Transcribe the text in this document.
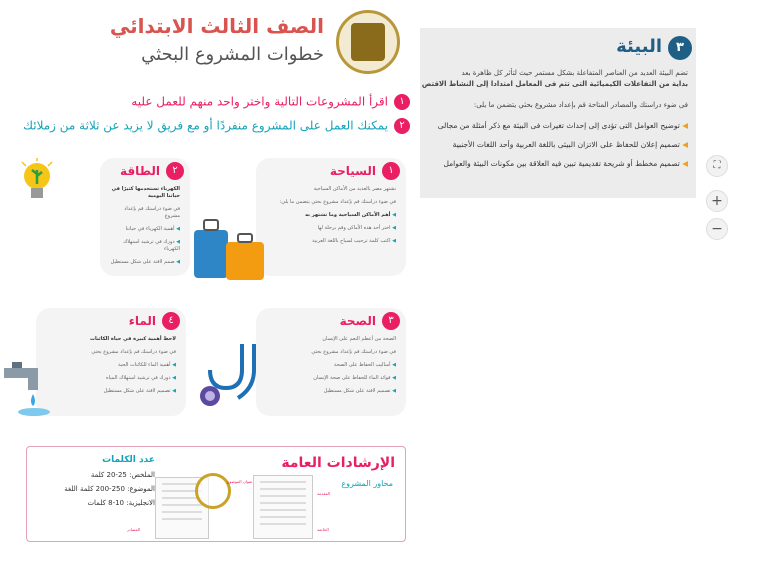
الصف الثالث الابتدائي
خطوات المشروع البحثي
١اقرأ المشروعات التالية واختر واحد منهم للعمل عليه
٢يمكنك العمل على المشروع منفردًا أو مع فريق لا يزيد عن ثلاثة من زملائك
١
السياحة
تشتهر مصر بالعديد من الأماكن السياحية
في ضوء دراستك قم بإعداد مشروع بحثي يتضمن ما يلي:
◀ أهم الأماكن السياحية وما تشتهر به
◀ اختر أحد هذه الأماكن وقم برحلة لها
◀ اكتب كلمة ترحيب لسياح باللغة العربية
٢
الطاقة
الكهرباء تستخدمها كثيرًا في حياتنا اليومية
في ضوء دراستك قم بإعداد مشروع
◀ أهمية الكهرباء في حياتنا
◀ دورك في ترشيد استهلاك الكهرباء
◀ صمم لافتة على شكل مستطيل
٣
الصحة
الصحة من أعظم النعم على الإنسان
في ضوء دراستك قم بإعداد مشروع بحثي
◀ أساليب الحفاظ على الصحة
◀ فوائد الماء للحفاظ على صحة الإنسان
◀ تصميم لافتة على شكل مستطيل
٤
الماء
لاحظ أهمية كبيرة في حياة الكائنات
في ضوء دراستك قم بإعداد مشروع بحثي
◀ أهمية الماء للكائنات الحية
◀ دورك في ترشيد استهلاك المياه
◀ تصميم لافتة على شكل مستطيل
الإرشادات العامة
محاور المشروع
عدد الكلمات
الملخص: 25-20 كلمة
الموضوع: 250-200 كلمة اللغة
الانجليزية: 10-8 كلمات
عنوان الموضوع
المقدمة
الخاتمة
المصادر
٣
البيئة
تضم البيئة العديد من العناصر المتفاعلة بشكل مستمر حيث لتأثر كل ظاهرة بعد
بداية من التفاعلات الكيميائية التى تتم فى المعامل امتدادا إلى النشاط الاقتص
فى ضوء دراستك والمصادر المتاحة قم بإعداد مشروع بحثي يتضمن ما يلى:
◀ توضيح العوامل التى تؤدى إلى إحداث تغيرات فى البيئة مع ذكر أمثلة من مجالى
◀ تصميم إعلان للحفاظ على الاتزان البيئى باللغة العربية وأحد اللغات الأجنبية
◀ تصميم مخطط أو شريحة تقديمية تبين فيه العلاقة بين مكونات البيئة والعوامل	⛶
+
−
